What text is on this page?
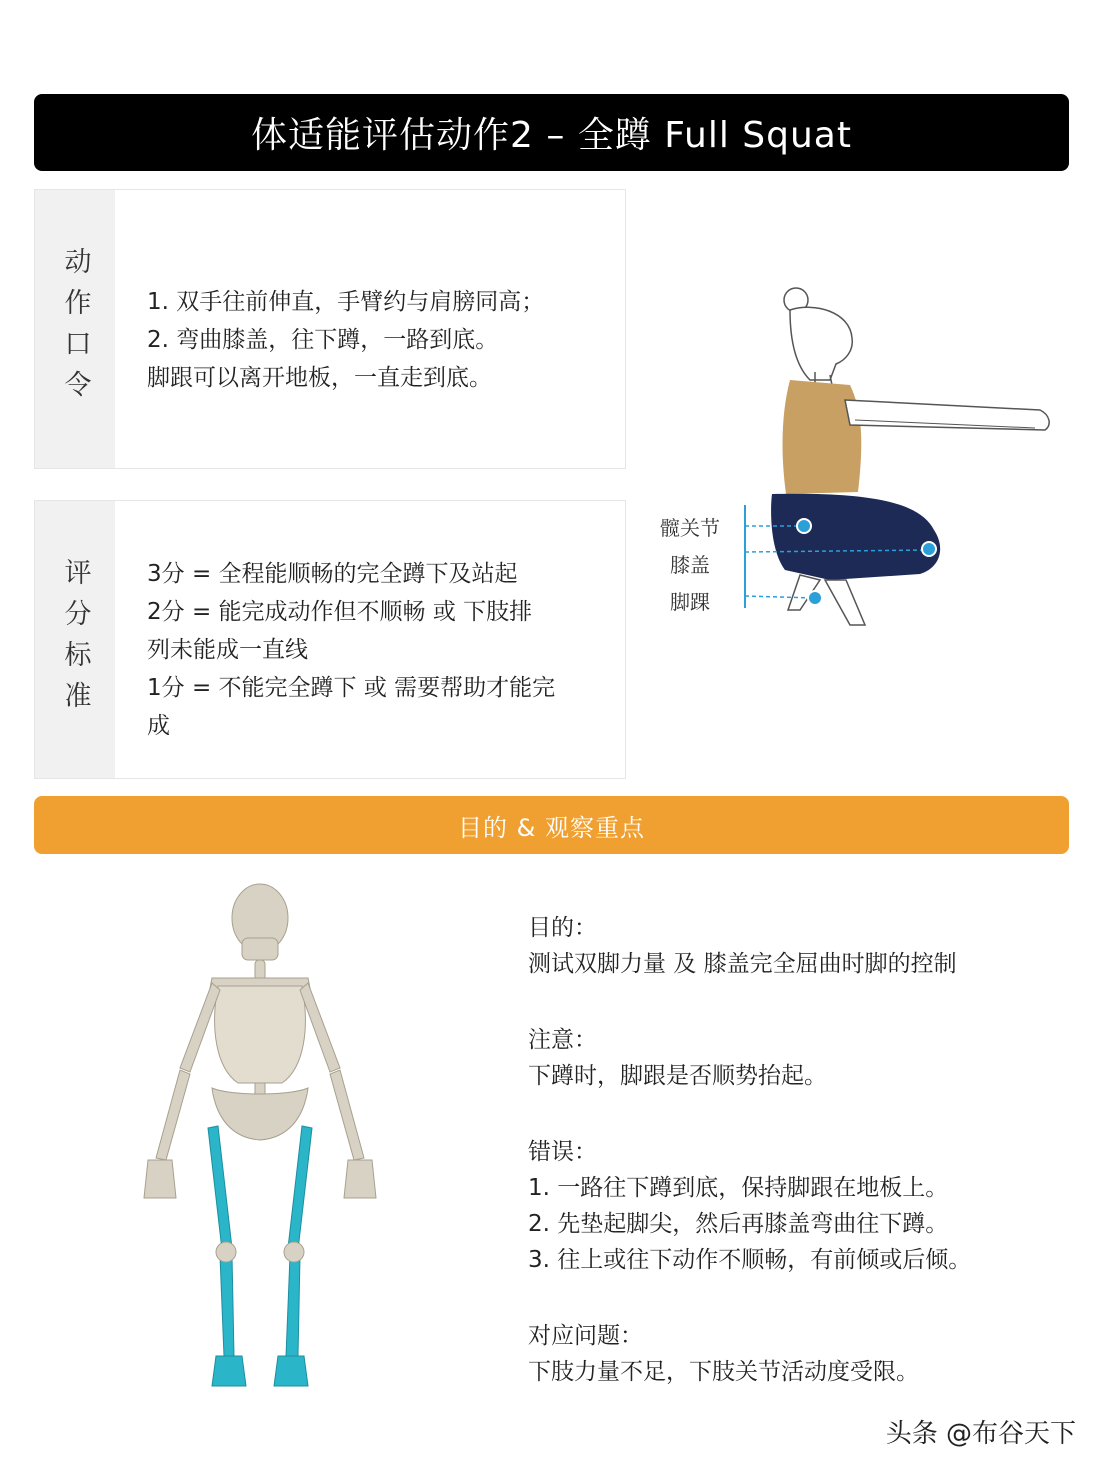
体适能评估动作2 – 全蹲 Full Squat
动作口令 1. 双手往前伸直，手臂约与肩膀同高；

2. 弯曲膝盖，往下蹲，一路到底。

脚跟可以离开地板，一直走到底。

评分标准 3分 = 全程能顺畅的完全蹲下及站起

2分 = 能完成动作但不顺畅 或 下肢排

列未能成一直线

1分 = 不能完全蹲下 或 需要帮助才能完

成

髋关节
膝盖
脚踝
目的 & 观察重点

目的：

测试双脚力量 及 膝盖完全屈曲时脚的控制

注意：

下蹲时，脚跟是否顺势抬起。

错误：

1. 一路往下蹲到底，保持脚跟在地板上。

2. 先垫起脚尖，然后再膝盖弯曲往下蹲。

3. 往上或往下动作不顺畅，有前倾或后倾。

对应问题：

下肢力量不足，下肢关节活动度受限。

头条 @布谷天下
